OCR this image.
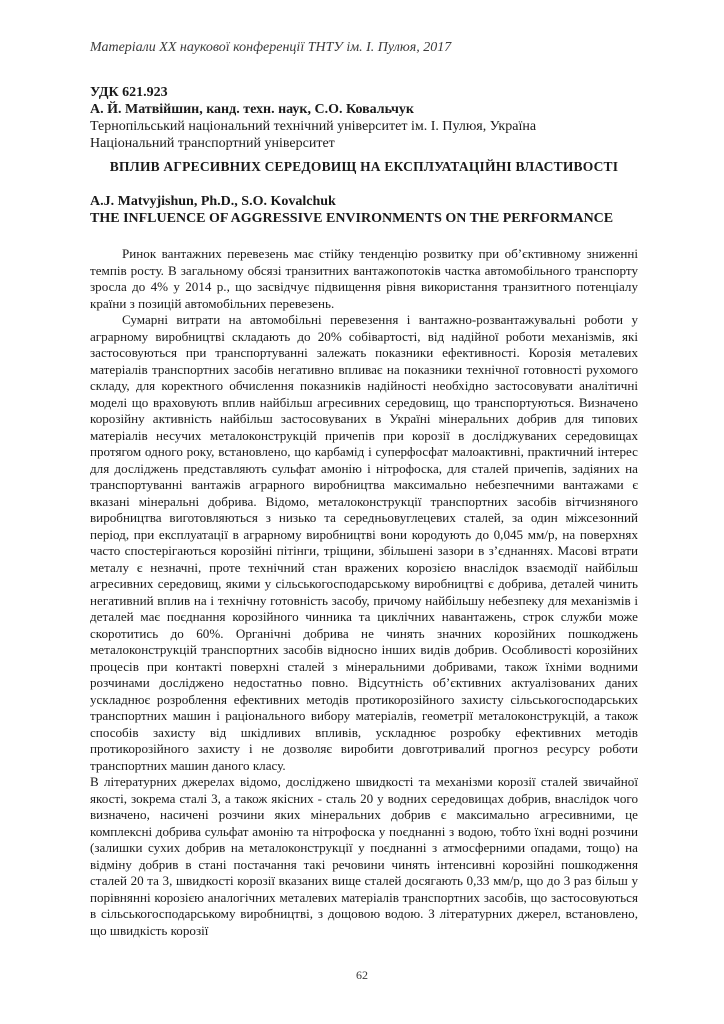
Матеріали XX наукової конференції ТНТУ ім. І. Пулюя, 2017
УДК 621.923
А. Й. Матвійшин, канд. техн. наук, С.О. Ковальчук
Тернопільський національний технічний університет ім. І. Пулюя, Україна
Національний транспортний університет
ВПЛИВ АГРЕСИВНИХ СЕРЕДОВИЩ НА ЕКСПЛУАТАЦІЙНІ ВЛАСТИВОСТІ
A.J. Matvyjishun, Ph.D., S.O. Kovalchuk
THE INFLUENCE OF AGGRESSIVE ENVIRONMENTS ON THE PERFORMANCE

Ринок вантажних перевезень має стійку тенденцію розвитку при об’єктивному зниженні темпів росту. В загальному обсязі транзитних вантажопотоків частка автомобільного транспорту зросла до 4% у 2014 р., що засвідчує підвищення рівня використання транзитного потенціалу країни з позицій автомобільних перевезень.

Сумарні витрати на автомобільні перевезення і вантажно-розвантажувальні роботи у аграрному виробництві складають до 20% собівартості, від надійної роботи механізмів, які застосовуються при транспортуванні залежать показники ефективності. Корозія металевих матеріалів транспортних засобів негативно впливає на показники технічної готовності рухомого складу, для коректного обчислення показників надійності необхідно застосовувати аналітичні моделі що враховують вплив найбільш агресивних середовищ, що транспортуються. Визначено корозійну активність найбільш застосовуваних в Україні мінеральних добрив для типових матеріалів несучих металоконструкцій причепів при корозії в досліджуваних середовищах протягом одного року, встановлено, що карбамід і суперфосфат малоактивні, практичний інтерес для досліджень представляють сульфат амонію і нітрофоска, для сталей причепів, задіяних на транспортуванні вантажів аграрного виробництва максимально небезпечними вантажами є вказані мінеральні добрива. Відомо, металоконструкції транспортних засобів вітчизняного виробництва виготовляються з низько та середньовуглецевих сталей, за один міжсезонний період, при експлуатації в аграрному виробництві вони кородують до 0,045 мм/р, на поверхнях часто спостерігаються корозійні пітінги, тріщини, збільшені зазори в з’єднаннях. Масові втрати металу є незначні, проте технічний стан вражених корозією внаслідок взаємодії найбільш агресивних середовищ, якими у сільськогосподарському виробництві є добрива, деталей чинить негативний вплив на і технічну готовність засобу, причому найбільшу небезпеку для механізмів і деталей має поєднання корозійного чинника та циклічних навантажень, строк служби може скоротитись до 60%. Органічні добрива не чинять значних корозійних пошкоджень металоконструкцій транспортних засобів відносно інших видів добрив. Особливості корозійних процесів при контакті поверхні сталей з мінеральними добривами, також їхніми водними розчинами досліджено недостатньо повно. Відсутність об’єктивних актуалізованих даних ускладнює розроблення ефективних методів протикорозійного захисту сільськогосподарських транспортних машин і раціонального вибору матеріалів, геометрії металоконструкцій, а також способів захисту від шкідливих впливів, ускладнює розробку ефективних методів протикорозійного захисту і не дозволяє виробити довготривалий прогноз ресурсу роботи транспортних машин даного класу.

В літературних джерелах відомо, досліджено швидкості та механізми корозії сталей звичайної якості, зокрема сталі 3, а також якісних - сталь 20 у водних середовищах добрив, внаслідок чого визначено, насичені розчини яких мінеральних добрив є максимально агресивними, це комплексні добрива сульфат амонію та нітрофоска у поєднанні з водою, тобто їхні водні розчини (залишки сухих добрив на металоконструкції у поєднанні з атмосферними опадами, тощо) на відміну добрив в стані постачання такі речовини чинять інтенсивні корозійні пошкодження сталей 20 та 3, швидкості корозії вказаних вище сталей досягають 0,33 мм/р, що до 3 раз більш у порівнянні корозією аналогічних металевих матеріалів транспортних засобів, що застосовуються в сільськогосподарському виробництві, з дощовою водою. З літературних джерел, встановлено, що швидкість корозії

62
